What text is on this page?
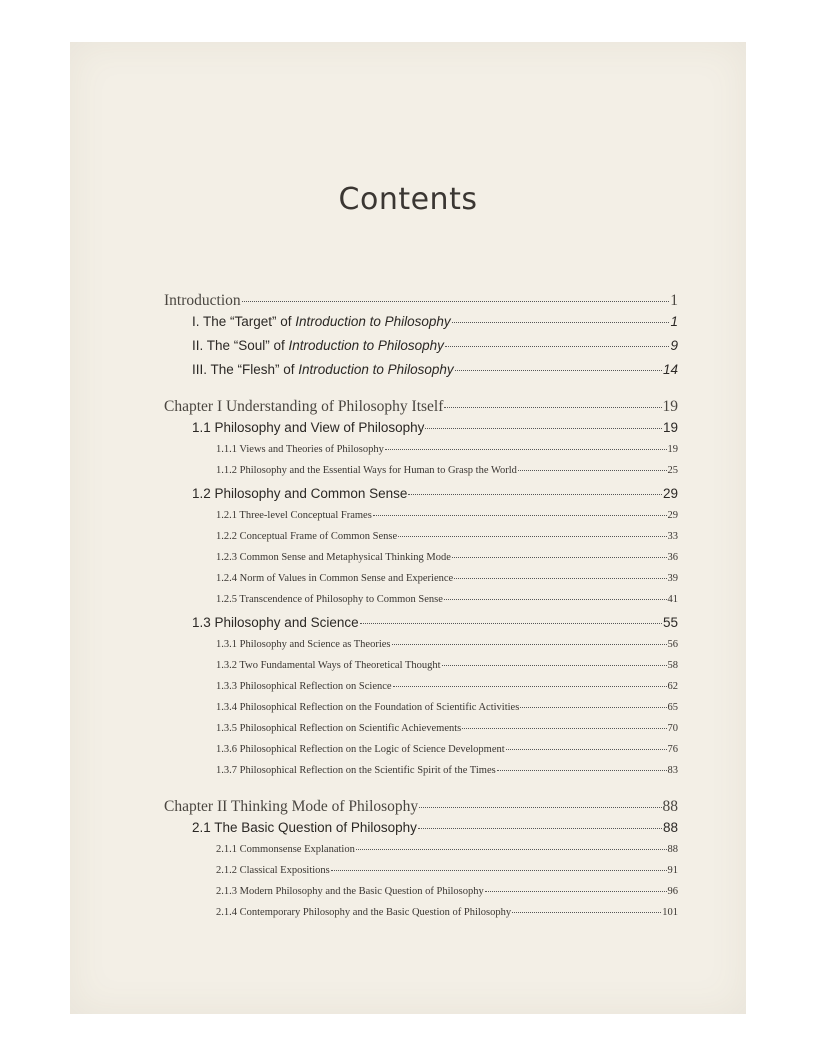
Contents
Introduction	1
I. The “Target” of Introduction to Philosophy	1
II. The “Soul” of Introduction to Philosophy	9
III. The “Flesh” of Introduction to Philosophy	14
Chapter I Understanding of Philosophy Itself	19
1.1 Philosophy and View of Philosophy	19
1.1.1 Views and Theories of Philosophy	19
1.1.2 Philosophy and the Essential Ways for Human to Grasp the World	25
1.2 Philosophy and Common Sense	29
1.2.1 Three-level Conceptual Frames	29
1.2.2 Conceptual Frame of Common Sense	33
1.2.3 Common Sense and Metaphysical Thinking Mode	36
1.2.4 Norm of Values in Common Sense and Experience	39
1.2.5 Transcendence of Philosophy to Common Sense	41
1.3 Philosophy and Science	55
1.3.1 Philosophy and Science as Theories	56
1.3.2 Two Fundamental Ways of Theoretical Thought	58
1.3.3 Philosophical Reflection on Science	62
1.3.4 Philosophical Reflection on the Foundation of Scientific Activities	65
1.3.5 Philosophical Reflection on Scientific Achievements	70
1.3.6 Philosophical Reflection on the Logic of Science Development	76
1.3.7 Philosophical Reflection on the Scientific Spirit of the Times	83
Chapter II Thinking Mode of Philosophy	88
2.1 The Basic Question of Philosophy	88
2.1.1 Commonsense Explanation	88
2.1.2 Classical Expositions	91
2.1.3 Modern Philosophy and the Basic Question of Philosophy	96
2.1.4 Contemporary Philosophy and the Basic Question of Philosophy	101
